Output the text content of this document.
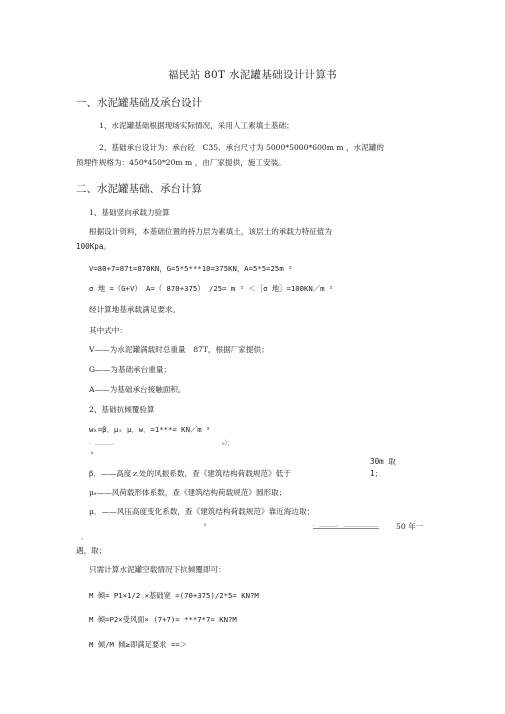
福民站 80T 水泥罐基础设计计算书
一、水泥罐基础及承台设计
1、水泥罐基础根据现场实际情况，采用人工素填土基础；
2、基础承台设计为：承台砼　C35、承台尺寸为 5000*5000*600m m ，水泥罐的
预埋件规格为：450*450*20m m ，由厂家提供，施工安装。
二、水泥罐基础、承台计算
1、基础竖向承载力验算
根据设计资料，本基础位置的持力层为素填土，该层土的承载力特征值为
100Kpa。
V=80+7=87t=870KN，G=5*5***10=375KN，A=5*5=25m ²
σ 地 =（G+V） A=（ 870+375） /25= m ² ＜［σ 地］=100KN／m ²
经计算地基承载满足要求。
其中式中：
V——为水泥罐满载时总重量　87T，根据厂家提供；
G——为基础承台重量；
A——为基础承台接触面积。
2、基础抗倾覆验算
wₖ=β．μₛ μ．w．=1***= KN／m ²
．＿＿＿．
ₖ
₀）；
30m 取
β．——高度ｚ处的风振系数，查《建筑结构荷载规范》低于	1；
μₛ——风荷载形体系数，查《建筑结构荷载规范》圆形取；
μ．——风压高度变化系数，查《建筑结构荷载规范》靠近海边取；
₀	．＿＿＿．＿＿＿＿＿＿ 50 年一
．
遇，取；
只需计算水泥罐空载情况下抗倾覆即可：
M 倾= P1×1/2 ×基础宽 =(70+375)/2*5= KN?M
M 倾=P2×受风面× (7+7)= ***7*7= KN?M
M 倾/M 倾≥即满足要求 ==＞
